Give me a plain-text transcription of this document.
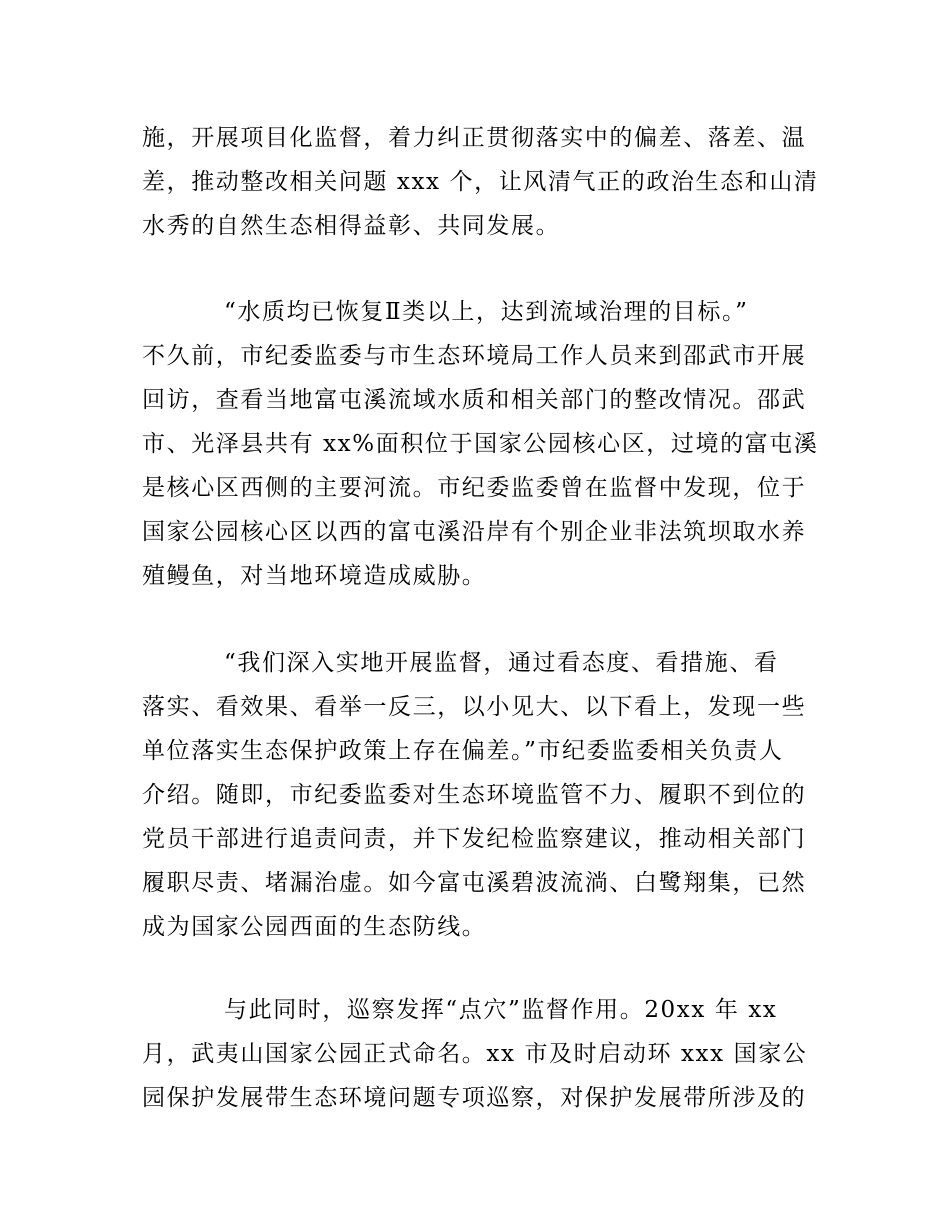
施，开展项目化监督，着力纠正贯彻落实中的偏差、落差、温
差，推动整改相关问题 xxx 个，让风清气正的政治生态和山清
水秀的自然生态相得益彰、共同发展。

“水质均已恢复Ⅱ类以上，达到流域治理的目标。”
不久前，市纪委监委与市生态环境局工作人员来到邵武市开展
回访，查看当地富屯溪流域水质和相关部门的整改情况。邵武
市、光泽县共有 xx%面积位于国家公园核心区，过境的富屯溪
是核心区西侧的主要河流。市纪委监委曾在监督中发现，位于
国家公园核心区以西的富屯溪沿岸有个别企业非法筑坝取水养
殖鳗鱼，对当地环境造成威胁。

“我们深入实地开展监督，通过看态度、看措施、看
落实、看效果、看举一反三，以小见大、以下看上，发现一些
单位落实生态保护政策上存在偏差。”市纪委监委相关负责人
介绍。随即，市纪委监委对生态环境监管不力、履职不到位的
党员干部进行追责问责，并下发纪检监察建议，推动相关部门
履职尽责、堵漏治虚。如今富屯溪碧波流淌、白鹭翔集，已然
成为国家公园西面的生态防线。

与此同时，巡察发挥“点穴”监督作用。20xx 年 xx
月，武夷山国家公园正式命名。xx 市及时启动环 xxx 国家公
园保护发展带生态环境问题专项巡察，对保护发展带所涉及的
